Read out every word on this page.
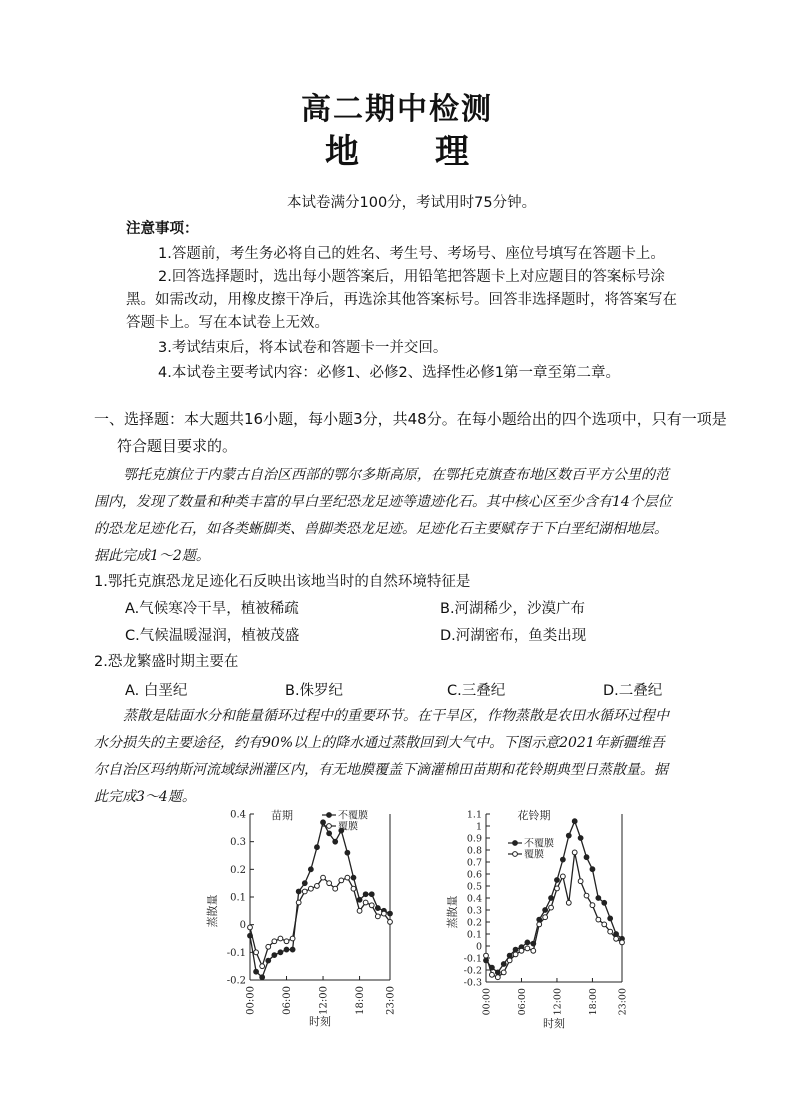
高二期中检测
地 理
本试卷满分100分，考试用时75分钟。
注意事项：
1.答题前，考生务必将自己的姓名、考生号、考场号、座位号填写在答题卡上。
2.回答选择题时，选出每小题答案后，用铅笔把答题卡上对应题目的答案标号涂
黑。如需改动，用橡皮擦干净后，再选涂其他答案标号。回答非选择题时，将答案写在
答题卡上。写在本试卷上无效。
3.考试结束后，将本试卷和答题卡一并交回。
4.本试卷主要考试内容：必修1、必修2、选择性必修1第一章至第二章。
一、选择题：本大题共16小题，每小题3分，共48分。在每小题给出的四个选项中，只有一项是
符合题目要求的。
鄂托克旗位于内蒙古自治区西部的鄂尔多斯高原，在鄂托克旗查布地区数百平方公里的范
围内，发现了数量和种类丰富的早白垩纪恐龙足迹等遗迹化石。其中核心区至少含有14个层位
的恐龙足迹化石，如各类蜥脚类、兽脚类恐龙足迹。足迹化石主要赋存于下白垩纪湖相地层。
据此完成1～2题。
1.鄂托克旗恐龙足迹化石反映出该地当时的自然环境特征是
A.气候寒冷干旱，植被稀疏	B.河湖稀少，沙漠广布
C.气候温暖湿润，植被茂盛	D.河湖密布，鱼类出现
2.恐龙繁盛时期主要在
A. 白垩纪	B.侏罗纪	C.三叠纪	D.二叠纪
蒸散是陆面水分和能量循环过程中的重要环节。在干旱区，作物蒸散是农田水循环过程中
水分损失的主要途径，约有90%以上的降水通过蒸散回到大气中。下图示意2021年新疆维吾
尔自治区玛纳斯河流域绿洲灌区内，有无地膜覆盖下滴灌棉田苗期和花铃期典型日蒸散量。据
此完成3～4题。
-0.2
-0.1
0
0.1
0.2
0.3
0.4
00:00	06:00	12:00	18:00 23:00
时刻
蒸散量
苗期	不覆膜
覆膜
-0.3
-0.2
-0.1
0
0.1
0.2
0.3
0.4
0.5
0.6
0.7
0.8
0.9
1
1.1
00:00	06:00	12:00	18:00 23:00
时刻
蒸散量
花铃期
不覆膜
覆膜
